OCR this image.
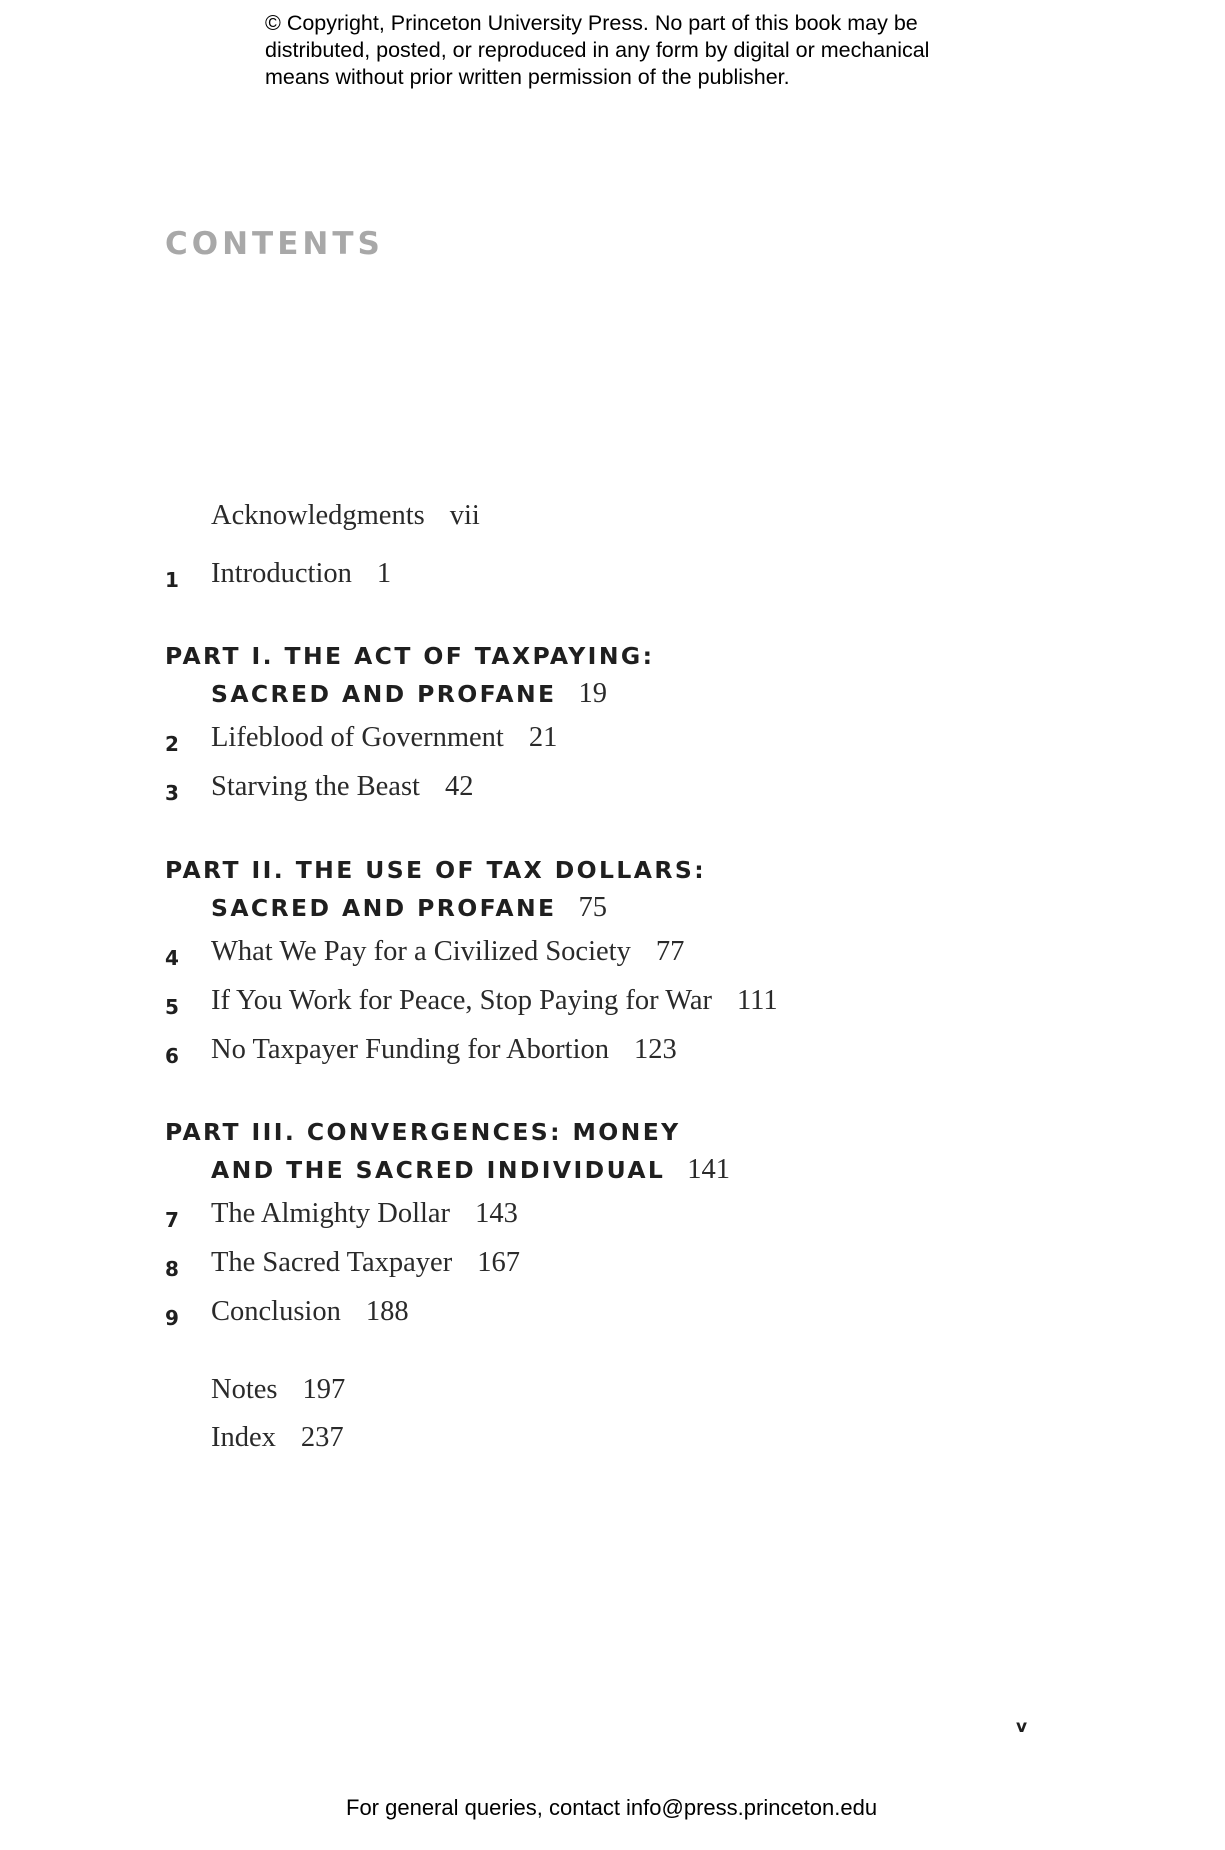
© Copyright, Princeton University Press. No part of this book may be
distributed, posted, or reproduced in any form by digital or mechanical
means without prior written permission of the publisher.
CONTENTS
Acknowledgments vii
1 Introduction 1
PART I. THE ACT OF TAXPAYING:
SACRED AND PROFANE 19
2 Lifeblood of Government 21
3 Starving the Beast 42
PART II. THE USE OF TAX DOLLARS:
SACRED AND PROFANE 75
4 What We Pay for a Civilized Society 77
5 If You Work for Peace, Stop Paying for War 111
6 No Taxpayer Funding for Abortion 123
PART III. CONVERGENCES: MONEY
AND THE SACRED INDIVIDUAL 141
7 The Almighty Dollar 143
8 The Sacred Taxpayer 167
9 Conclusion 188
Notes 197
Index 237
v
For general queries, contact info@press.princeton.edu
